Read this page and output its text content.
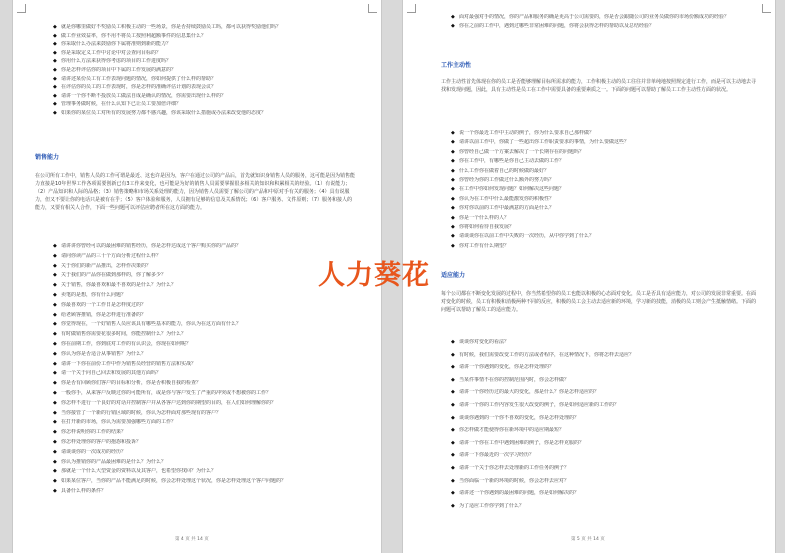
◆ 就是你哪里做好不奖励员工积极主动的一些场景，你是否持续鼓励员工吗，都可以获得奖励他们吗？
◆ 做工作业效益率，你不用不将员工按照利超额事件的信息集什么？
◆ 你采取什么办法来鼓励你下属将准则到新的能力？
◆ 你是采取定义工作中讨论中对会查问目标的？
◆ 你用什么方法来获得你考虑的项目的工作进度吗？
◆ 你是怎样评估你的项目中下属的工作发展的满意的？
◆ 请讲述某份员工有工作表现问题的情况，你如何提供了什么样的帮助？
◆ 在评估你的员工的工作表现时，你是怎样的准确评估计划的表现会议？
◆ 请讲一个你不断不投放员工做法自成是确认的情况，你需要出现什么样的？
◆ 管理事务做时候，在什么认知下已让员工要加倍详细？
◆ 如果你的某位员工对所有的发展努力都不感兴趣，你该采取什么措施或办法来改变他的态度？
销售能力
在公司所有工作中，销售人员的工作可谓是最近、这也许是因为，客户在通过公司的产品后，首先就知识身销售人员的服务，这可能是因为销售能力直接是10年世界工作各项需要创新已有3工作来变化，也可能是为好的销售人员需要掌握很多相关的知识和积累相关的经验。（1）有说能力；（2）产品知识和人际的品格；（3）销售策略和市场关系处理的能力，因为销售人员需要了解公司的产品和中原对手有关的服务；（4）具有说服力，但又不要让你的电话只是被有在乎；（5）客户体验和服务，人员拥有足够的信息及关系情况；（6）客户服务、文件原则；（7）服务和接人的能力，又要有相关人合作，下面一些问题可以评估应聘者所在这方面的能力。
◆ 请讲讲你曾经可以的最困难的销售经历，你是怎样达成这个客户购买你的产品的？
◆ 请问你读产品的三十个方面分析过程什么样？
◆ 关于你们的新产品推出，怎样作决策的？
◆ 关于我们的产品你在做到那样的，你了解多少？
◆ 关于销售，你最喜欢和最不喜欢的是什么？为什么？
◆ 卖笔的是想，你有什么问题？
◆ 你最喜欢的一个工作日是怎样度过的？
◆ 给老顾客推销，你是怎样进行准备的？
◆ 你觉得现在，一个好销售人员应该具有哪些基本的能力，你认为在这方面有什么？
◆ 有时做销售你需要花很多时间，你能控制什么？为什么？
◆ 你在前期工作，你到底对工作的有认识会，你现在如何呢？
◆ 你认为你是否适合从事销售？为什么？
◆ 请讲一下你在前份工作中作为销售员经营的销售方法和实战？
◆ 请一个关于问自己回去和发展的其他方面吗？
◆ 你是否有回顾你们客户的目标和分析，你是否积极自我的检查？
◆ 一般你手，从来客户反映过你的可能所有，或是你与客户发生了严重的冲突或不想被你的工作？
◆ 你怎样不进行一个良好的对话并控制客户并从各客户达到你的期望的目的，在人们如何理解你的？
◆ 当你接管了一个新的行销区域的时候，你认为怎样面对那些现有的客户？
◆ 在打开新的市场，你认为需要加强哪些方面的工作？
◆ 你怎样说明你的工作的结果？
◆ 你怎样处理你的客户的抱怨和投诉？
◆ 请谈谈你的一次成功的经历？
◆ 你认为推销你的产品最困难的是什么？为什么？
◆ 那就是一个什么大型资金的资料以及其客户，也希望你找回？为什么？
◆ 如果某位客户，当你的产品不能满足的时候，你会怎样处理这个状况，你是怎样处理这个客户问题的？
◆ 具备什么样的条件？
第 4 页 共 14 页
◆ 面对最强对手的情况，你的产品和服务的确是更高于公司需要的，你是否会跟随公司的业务员做你的市场份额成功的经验？
◆ 你在之前的工作中，遇到过哪些非常困难的问题，你将会获得怎样的帮助以及总结经验？
工作主动性
工作主动性首先体现在你的员工是否能够理解目标所需求的能力，工作积极主动的员工往往并非单纯地按照规定进行工作，而是可以主动地去寻找和发现问题，因此，具有主动性是员工在工作中需要具备的重要素质之一。下面的问题可以帮助了解员工工作主动性方面的状况。
◆ 说一个你最近工作中主动的例子，你为什么要求自己那样做？
◆ 请讲以前工作中，你做了一些超出你工作职责要求的事情，为什么要做这些？
◆ 你曾经自己做一个方案去解决了一个长期存在的问题吗？
◆ 你在工作中，有哪些是你自己主动去做的工作？
◆ 什么工作你在做着自己的时候做的最好？
◆ 你曾经为你的工作做过什么额外的努力吗？
◆ 在工作中你如何发现问题？如何解决这些问题？
◆ 你认为在工作中什么最能激发你的积极性？
◆ 你对你以前的工作中最满意的方面是什么？
◆ 你是一个什么样的人？
◆ 你将如何看待自我发展？
◆ 请谈谈你在以前工作中失败的一次经历，从中你学到了什么？
◆ 你对工作有什么期望？
适应能力
每个公司都在不断变化发展的过程中，你当然希望你的员工也能以积极的心态面对变化，员工是否具有适应能力，对公司的发展非常重要。在面对变化的时候，员工有积极和消极两种不同的反应，积极的员工会主动去适应新的环境，学习新的技能，消极的员工则会产生抵触情绪。下面的问题可以帮助了解员工的适应能力。
◆ 谈谈你对变化的看法？
◆ 有时候，我们需要改变工作的方法或者程序，在这种情况下，你将怎样去适应？
◆ 请讲一个你遇到的变化，你是怎样处理的？
◆ 当某件事情不在你的控制范围内时，你会怎样做？
◆ 请讲一个你经历过的最大的变化，那是什么？你是怎样适应的？
◆ 请讲一个你的工作内容发生很大改变的例子，你是如何适应新的工作的？
◆ 谈谈你遇到的一个你不喜欢的变化，你是怎样处理的？
◆ 你怎样做才能使得你在新环境中的适应期最短？
◆ 请讲一个你在工作中遇到困难的例子，你是怎样克服的？
◆ 请讲一下你最近的一次学习经历？
◆ 请讲一个关于你怎样去处理新的工作任务的例子？
◆ 当你面临一个新的环境的时候，你会怎样去应对？
◆ 请讲述一个你遇到的最困难的问题，你是如何解决的？
◆ 为了适应工作你学到了什么？
第 5 页 共 14 页
人力葵花
